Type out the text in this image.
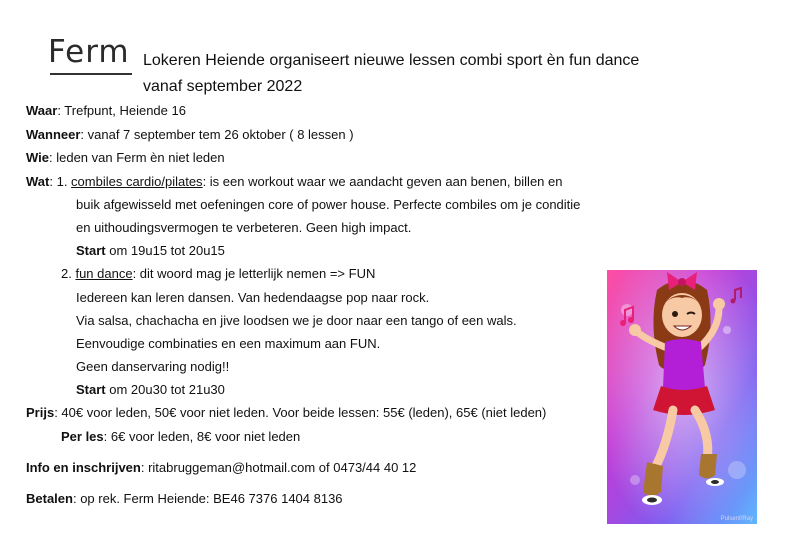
Ferm Lokeren Heiende organiseert nieuwe lessen combi sport èn fun dance
vanaf september 2022
Waar: Trefpunt, Heiende 16
Wanneer: vanaf 7 september tem 26 oktober ( 8 lessen )
Wie: leden van Ferm èn niet leden
Wat: 1. combiles cardio/pilates: is een workout waar we aandacht geven aan benen, billen en
buik afgewisseld met oefeningen core of power house. Perfecte combiles om je conditie
en uithoudingsvermogen te verbeteren. Geen high impact.
Start om 19u15 tot 20u15
2. fun dance: dit woord mag je letterlijk nemen => FUN
Iedereen kan leren dansen. Van hedendaagse pop naar rock.
Via salsa, chachacha en jive loodsen we je door naar een tango of een wals.
Eenvoudige combinaties en een maximum aan FUN.
Geen danservaring nodig!!
Start om 20u30 tot 21u30
Prijs: 40€ voor leden, 50€ voor niet leden. Voor beide lessen: 55€ (leden), 65€ (niet leden)
Per les: 6€ voor leden, 8€ voor niet leden
Info en inschrijven: ritabruggeman@hotmail.com of 0473/44 40 12
Betalen: op rek. Ferm Heiende: BE46 7376 1404 8136
Pulsenf/Ray
